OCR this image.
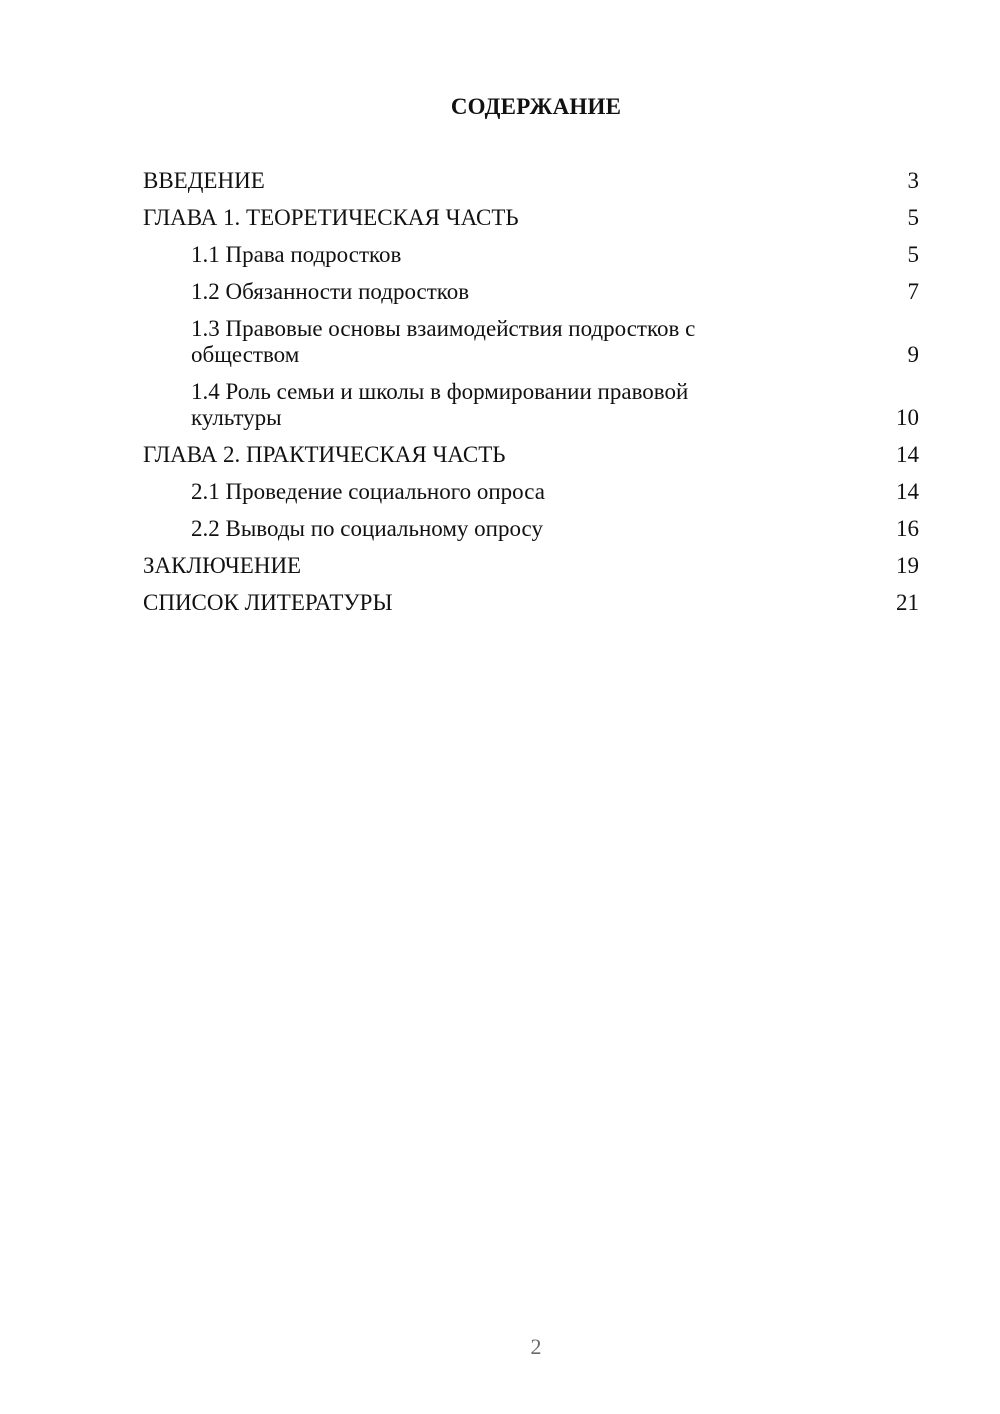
СОДЕРЖАНИЕ
ВВЕДЕНИЕ	3
ГЛАВА 1. ТЕОРЕТИЧЕСКАЯ ЧАСТЬ	5
1.1 Права подростков	5
1.2 Обязанности подростков	7
1.3 Правовые основы взаимодействия подростков с обществом	9
1.4 Роль семьи и школы в формировании правовой культуры	10
ГЛАВА 2. ПРАКТИЧЕСКАЯ ЧАСТЬ	14
2.1 Проведение социального опроса	14
2.2 Выводы по социальному опросу	16
ЗАКЛЮЧЕНИЕ	19
СПИСОК ЛИТЕРАТУРЫ	21
2
